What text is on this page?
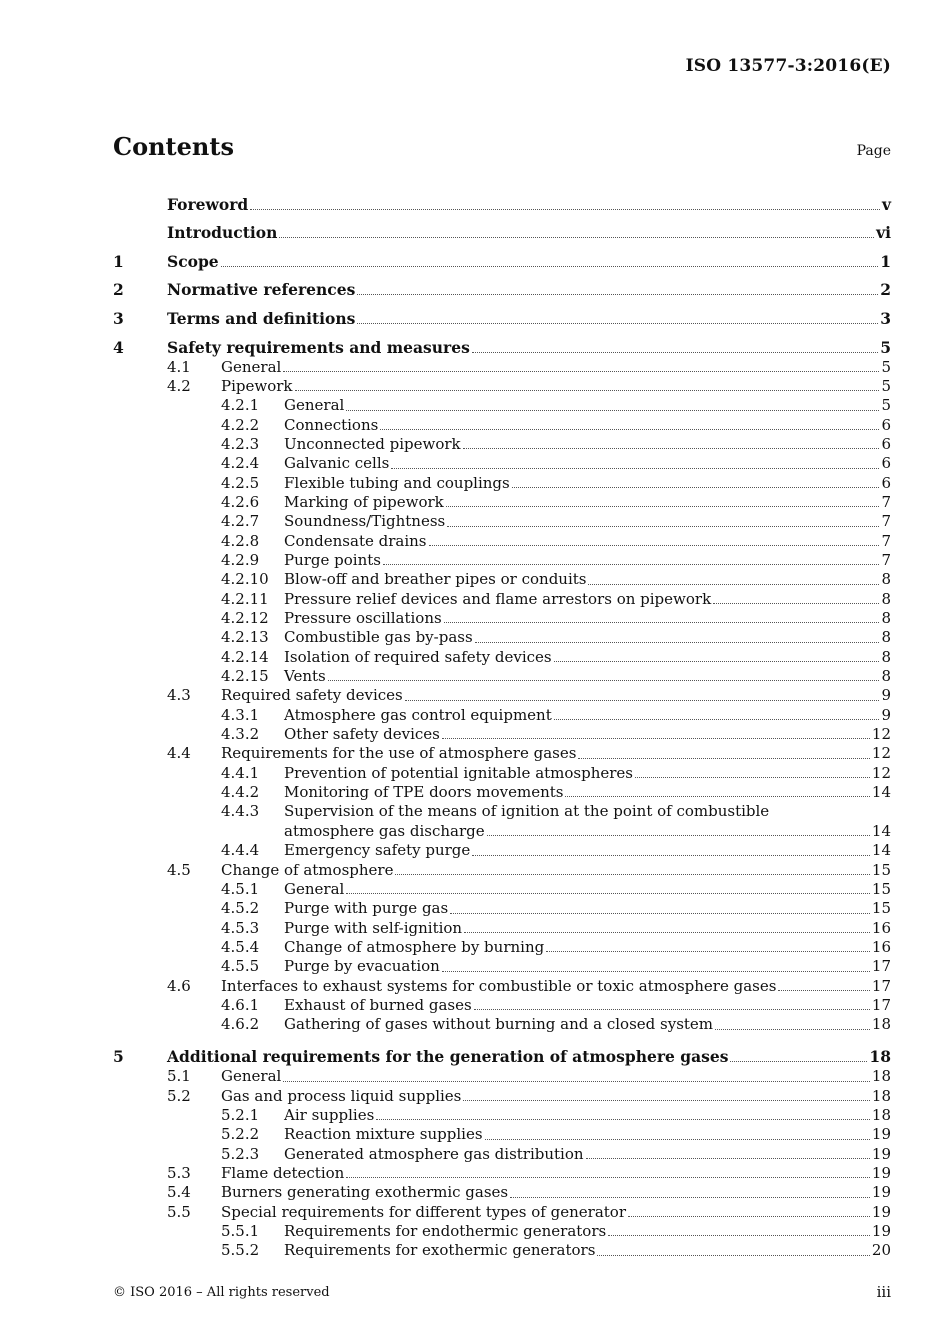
ISO 13577-3:2016(E)
Contents	Page
Foreword	v
Introduction	vi
1	Scope	1
2	Normative references	2
3	Terms and definitions	3
4	Safety requirements and measures	5
4.1	General	5
4.2	Pipework	5
4.2.1	General	5
4.2.2	Connections	6
4.2.3	Unconnected pipework	6
4.2.4	Galvanic cells	6
4.2.5	Flexible tubing and couplings	6
4.2.6	Marking of pipework	7
4.2.7	Soundness/Tightness	7
4.2.8	Condensate drains	7
4.2.9	Purge points	7
4.2.10	Blow-off and breather pipes or conduits	8
4.2.11	Pressure relief devices and flame arrestors on pipework	8
4.2.12	Pressure oscillations	8
4.2.13	Combustible gas by-pass	8
4.2.14	Isolation of required safety devices	8
4.2.15	Vents	8
4.3	Required safety devices	9
4.3.1	Atmosphere gas control equipment	9
4.3.2	Other safety devices	12
4.4	Requirements for the use of atmosphere gases	12
4.4.1	Prevention of potential ignitable atmospheres	12
4.4.2	Monitoring of TPE doors movements	14
4.4.3	Supervision of the means of ignition at the point of combustible
atmosphere gas discharge	14
4.4.4	Emergency safety purge	14
4.5	Change of atmosphere	15
4.5.1	General	15
4.5.2	Purge with purge gas	15
4.5.3	Purge with self-ignition	16
4.5.4	Change of atmosphere by burning	16
4.5.5	Purge by evacuation	17
4.6	Interfaces to exhaust systems for combustible or toxic atmosphere gases	17
4.6.1	Exhaust of burned gases	17
4.6.2	Gathering of gases without burning and a closed system	18
5	Additional requirements for the generation of atmosphere gases	18
5.1	General	18
5.2	Gas and process liquid supplies	18
5.2.1	Air supplies	18
5.2.2	Reaction mixture supplies	19
5.2.3	Generated atmosphere gas distribution	19
5.3	Flame detection	19
5.4	Burners generating exothermic gases	19
5.5	Special requirements for different types of generator	19
5.5.1	Requirements for endothermic generators	19
5.5.2	Requirements for exothermic generators	20
© ISO 2016 – All rights reserved	iii
